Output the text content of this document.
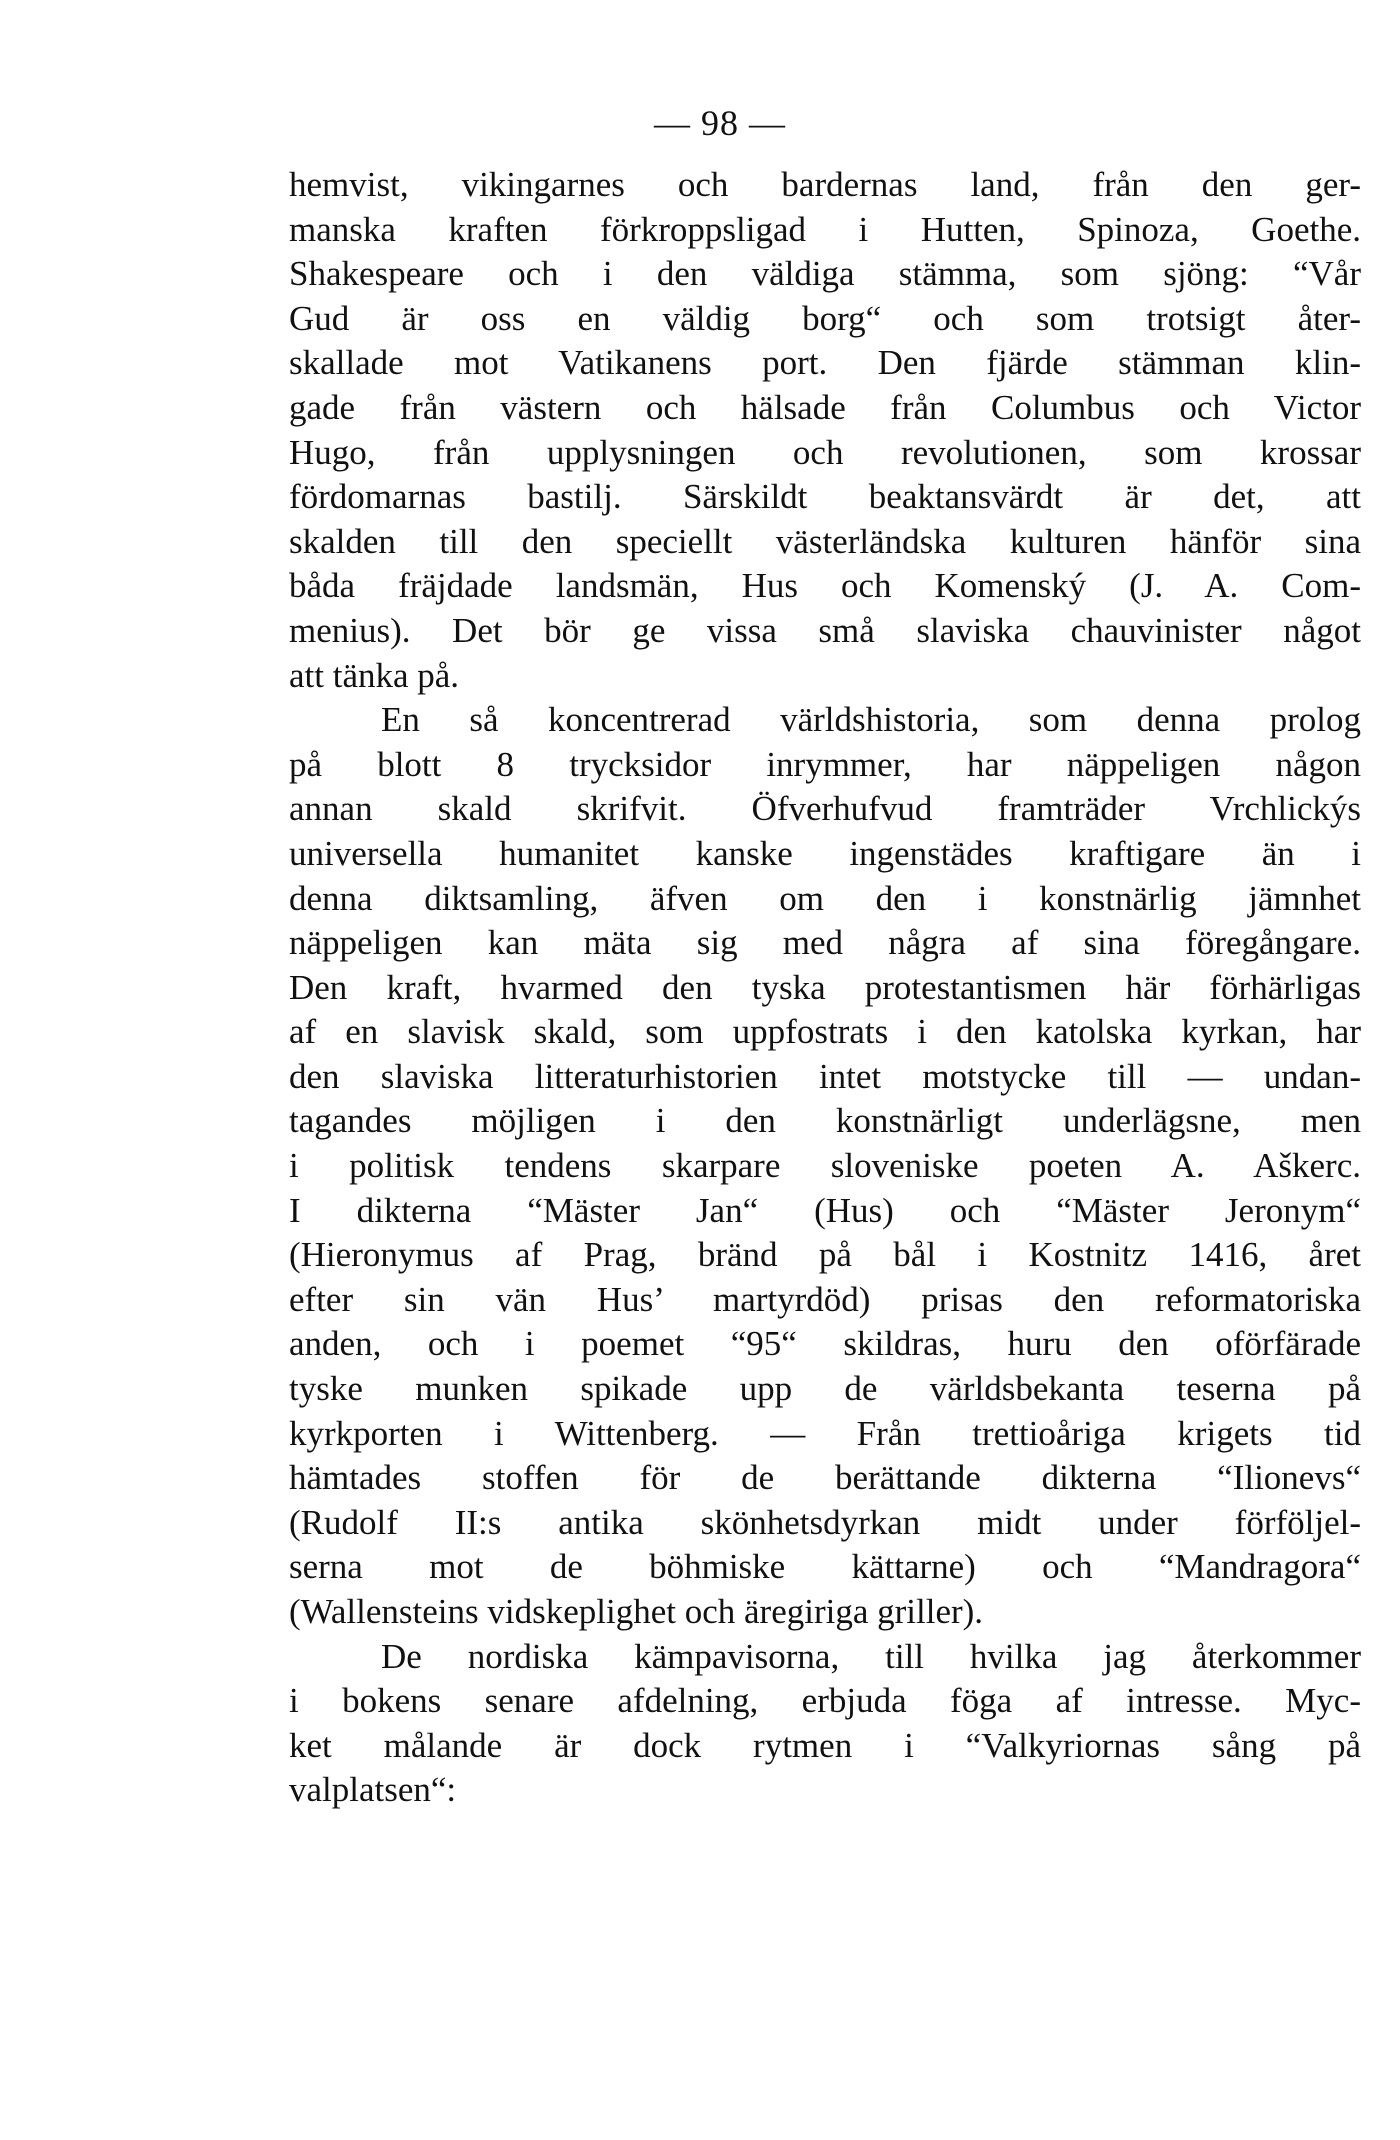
— 98 —
hemvist, vikingarnes och bardernas land, från den ger-
manska kraften förkroppsligad i Hutten, Spinoza, Goethe.
Shakespeare och i den väldiga stämma, som sjöng: “Vår
Gud är oss en väldig borg“ och som trotsigt åter-
skallade mot Vatikanens port. Den fjärde stämman klin-
gade från västern och hälsade från Columbus och Victor
Hugo, från upplysningen och revolutionen, som krossar
fördomarnas bastilj. Särskildt beaktansvärdt är det, att
skalden till den speciellt västerländska kulturen hänför sina
båda fräjdade landsmän, Hus och Komenský (J. A. Com-
menius). Det bör ge vissa små slaviska chauvinister något
att tänka på.
En så koncentrerad världshistoria, som denna prolog
på blott 8 trycksidor inrymmer, har näppeligen någon
annan skald skrifvit. Öfverhufvud framträder Vrchlickýs
universella humanitet kanske ingenstädes kraftigare än i
denna diktsamling, äfven om den i konstnärlig jämnhet
näppeligen kan mäta sig med några af sina föregångare.
Den kraft, hvarmed den tyska protestantismen här förhärligas
af en slavisk skald, som uppfostrats i den katolska kyrkan, har
den slaviska litteraturhistorien intet motstycke till — undan-
tagandes möjligen i den konstnärligt underlägsne, men
i politisk tendens skarpare sloveniske poeten A. Aškerc.
I dikterna “Mäster Jan“ (Hus) och “Mäster Jeronym“
(Hieronymus af Prag, bränd på bål i Kostnitz 1416, året
efter sin vän Hus’ martyrdöd) prisas den reformatoriska
anden, och i poemet “95“ skildras, huru den oförfärade
tyske munken spikade upp de världsbekanta teserna på
kyrkporten i Wittenberg. — Från trettioåriga krigets tid
hämtades stoffen för de berättande dikterna “Ilionevs“
(Rudolf II:s antika skönhetsdyrkan midt under förföljel-
serna mot de böhmiske kättarne) och “Mandragora“
(Wallensteins vidskeplighet och äregiriga griller).
De nordiska kämpavisorna, till hvilka jag återkommer
i bokens senare afdelning, erbjuda föga af intresse. Myc-
ket målande är dock rytmen i “Valkyriornas sång på
valplatsen“:
